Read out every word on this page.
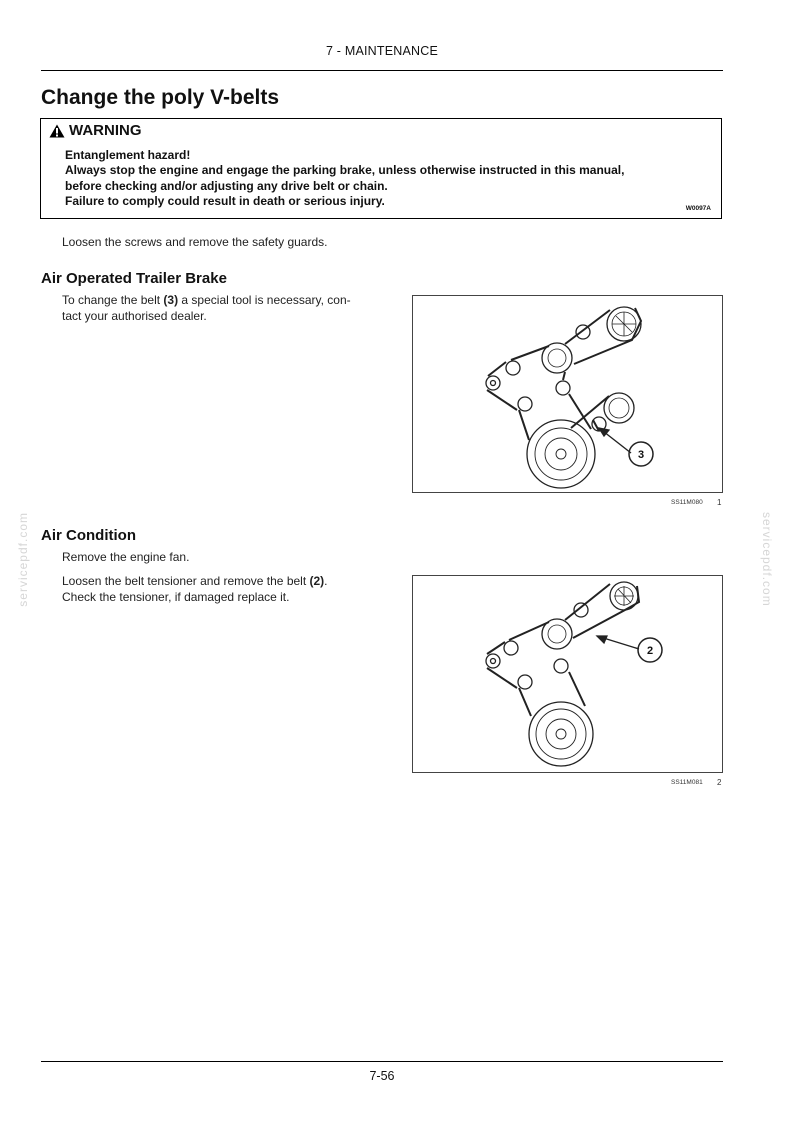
7 - MAINTENANCE
Change the poly V-belts
WARNING
Entanglement hazard!
Always stop the engine and engage the parking brake, unless otherwise instructed in this manual,
before checking and/or adjusting any drive belt or chain.
Failure to comply could result in death or serious injury.
W0097A
Loosen the screws and remove the safety guards.
Air Operated Trailer Brake
To change the belt (3) a special tool is necessary, con-
tact your authorised dealer.
3
SS11M080 1
Air Condition
Remove the engine fan.
Loosen the belt tensioner and remove the belt (2).
Check the tensioner, if damaged replace it.
2
SS11M081 2
servicepdf.com	servicepdf.com
7-56
